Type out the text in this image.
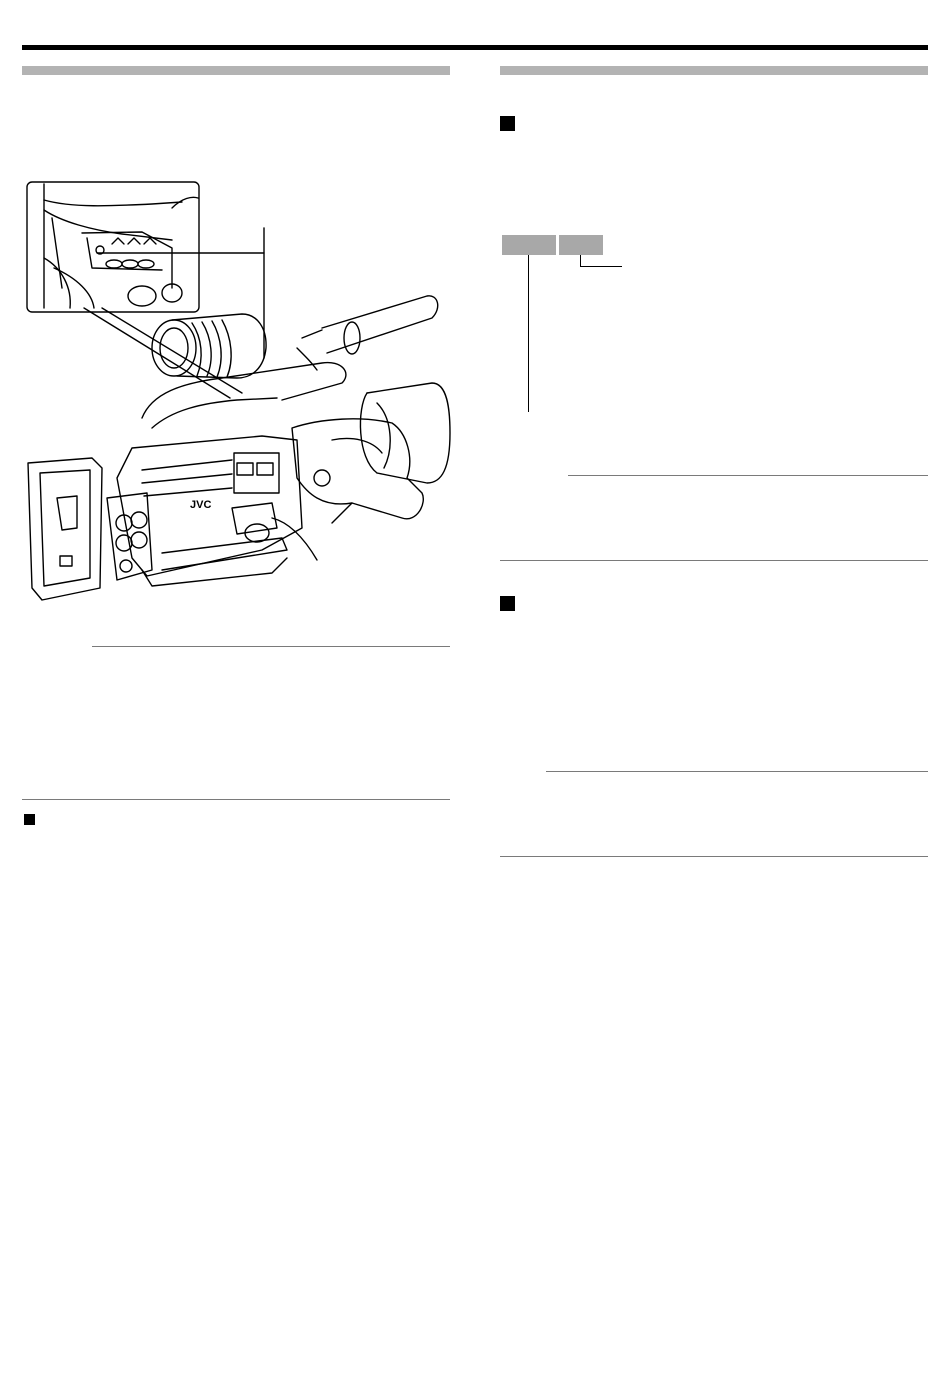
JVC
